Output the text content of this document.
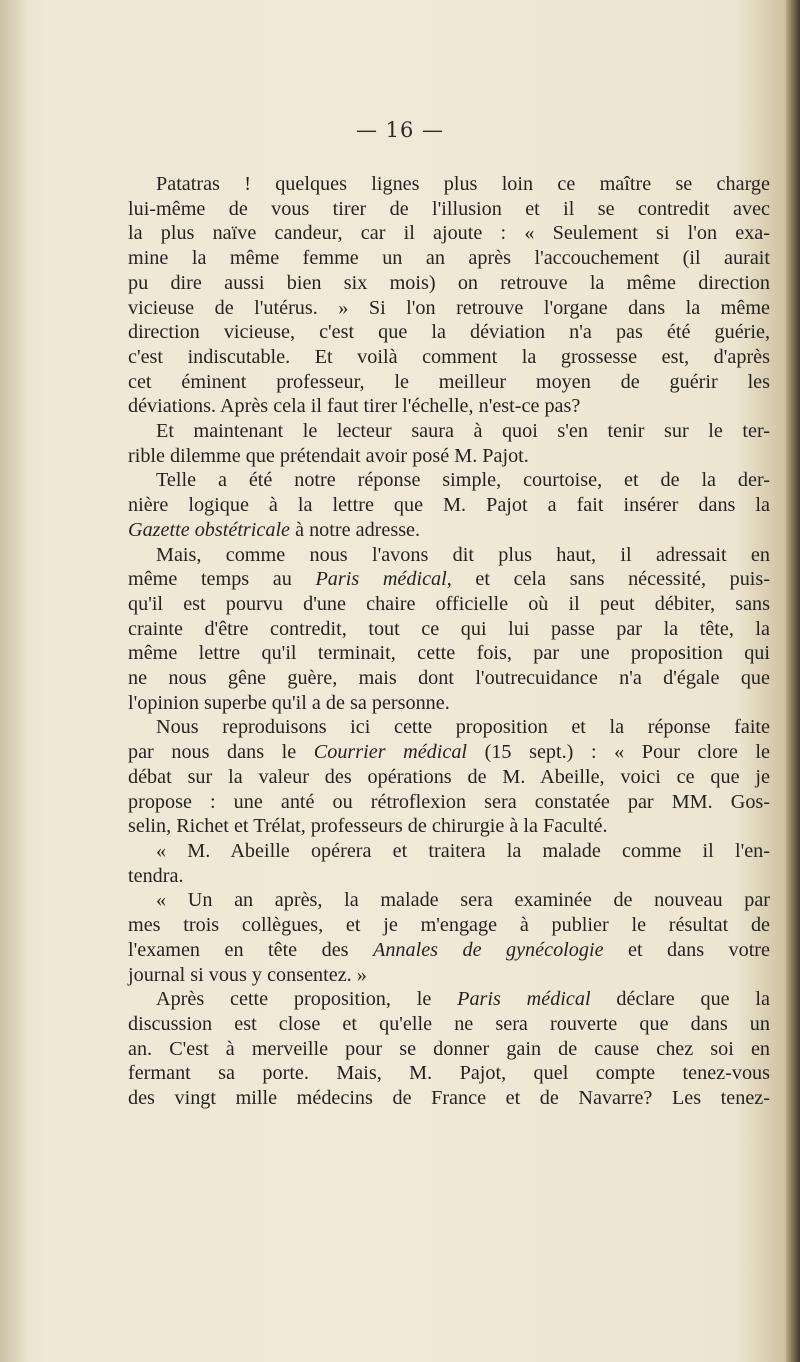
— 16 —
Patatras ! quelques lignes plus loin ce maître se charge
lui-même de vous tirer de l'illusion et il se contredit avec
la plus naïve candeur, car il ajoute : « Seulement si l'on exa-
mine la même femme un an après l'accouchement (il aurait
pu dire aussi bien six mois) on retrouve la même direction
vicieuse de l'utérus. » Si l'on retrouve l'organe dans la même
direction vicieuse, c'est que la déviation n'a pas été guérie,
c'est indiscutable. Et voilà comment la grossesse est, d'après
cet éminent professeur, le meilleur moyen de guérir les
déviations. Après cela il faut tirer l'échelle, n'est-ce pas?
Et maintenant le lecteur saura à quoi s'en tenir sur le ter-
rible dilemme que prétendait avoir posé M. Pajot.
Telle a été notre réponse simple, courtoise, et de la der-
nière logique à la lettre que M. Pajot a fait insérer dans la
Gazette obstétricale à notre adresse.
Mais, comme nous l'avons dit plus haut, il adressait en
même temps au Paris médical, et cela sans nécessité, puis-
qu'il est pourvu d'une chaire officielle où il peut débiter, sans
crainte d'être contredit, tout ce qui lui passe par la tête, la
même lettre qu'il terminait, cette fois, par une proposition qui
ne nous gêne guère, mais dont l'outrecuidance n'a d'égale que
l'opinion superbe qu'il a de sa personne.
Nous reproduisons ici cette proposition et la réponse faite
par nous dans le Courrier médical (15 sept.) : « Pour clore le
débat sur la valeur des opérations de M. Abeille, voici ce que je
propose : une anté ou rétroflexion sera constatée par MM. Gos-
selin, Richet et Trélat, professeurs de chirurgie à la Faculté.
« M. Abeille opérera et traitera la malade comme il l'en-
tendra.
« Un an après, la malade sera examinée de nouveau par
mes trois collègues, et je m'engage à publier le résultat de
l'examen en tête des Annales de gynécologie et dans votre
journal si vous y consentez. »
Après cette proposition, le Paris médical déclare que la
discussion est close et qu'elle ne sera rouverte que dans un
an. C'est à merveille pour se donner gain de cause chez soi en
fermant sa porte. Mais, M. Pajot, quel compte tenez-vous
des vingt mille médecins de France et de Navarre? Les tenez-
